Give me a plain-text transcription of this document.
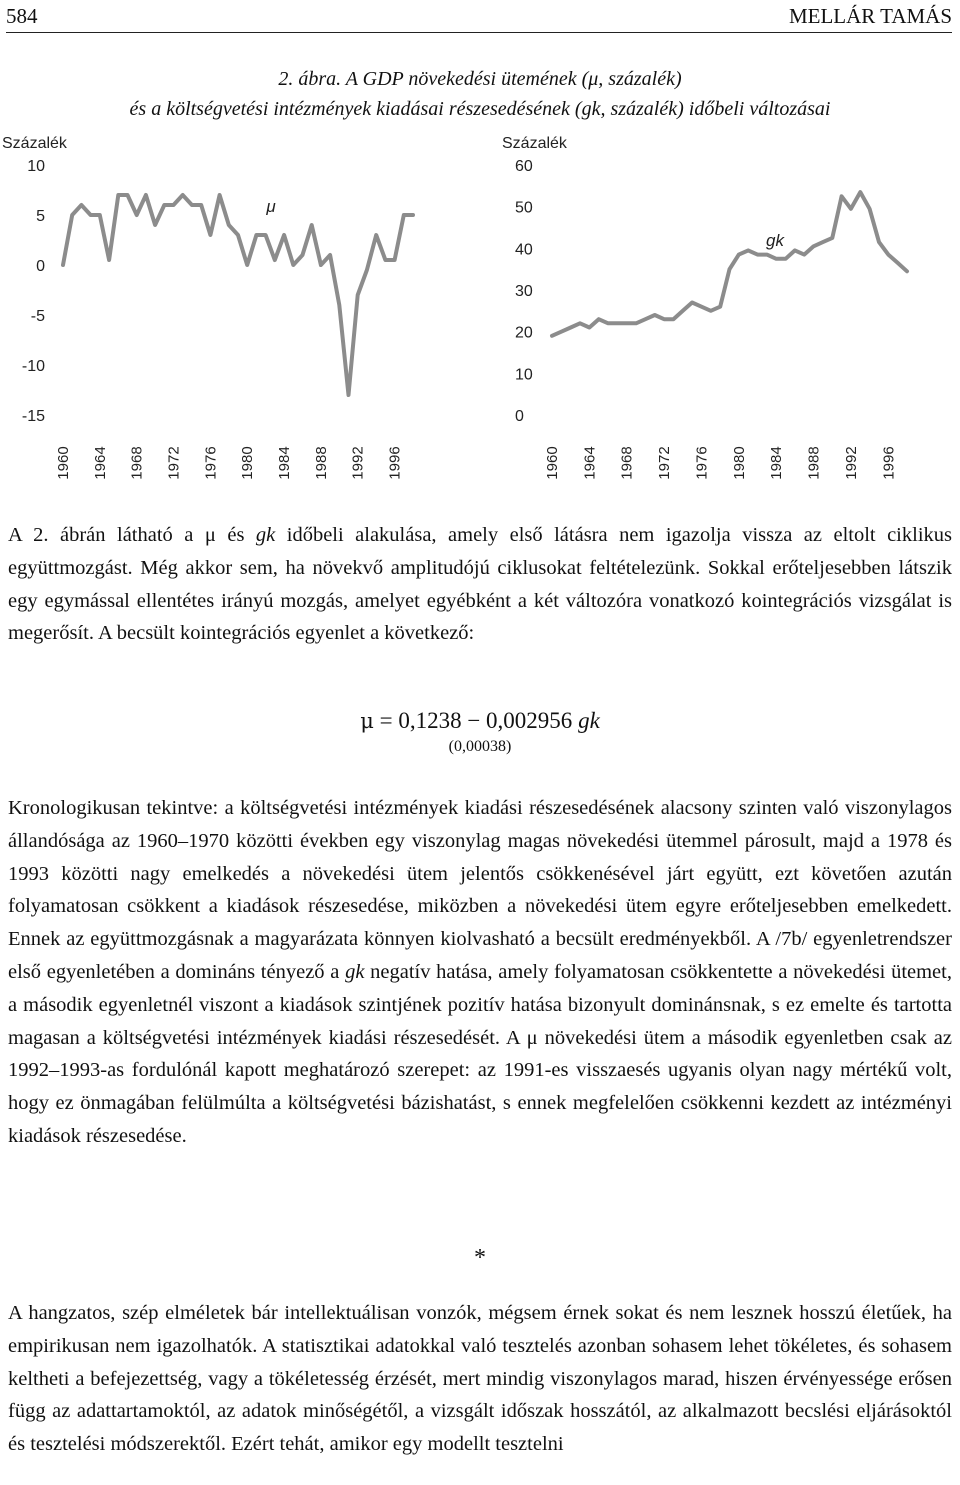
584	MELLÁR TAMÁS
2. ábra. A GDP növekedési ütemének (μ, százalék)
és a költségvetési intézmények kiadásai részesedésének (gk, százalék) időbeli változásai
Százalék
10
5
0
-5
-10
-15
1960 1964 1968 1972 1976 1980 1984 1988 1992 1996
μ
Százalék
60
50
40
30
20
10
0
1960 1964 1968 1972 1976 1980 1984 1988 1992 1996
gk

A 2. ábrán látható a μ és gk időbeli alakulása, amely első látásra nem igazolja vissza az eltolt ciklikus együttmozgást. Még akkor sem, ha növekvő amplitudójú ciklusokat feltételezünk. Sokkal erőteljesebben látszik egy egymással ellentétes irányú mozgás, amelyet egyébként a két változóra vonatkozó kointegrációs vizsgálat is megerősít. A becsült kointegrációs egyenlet a következő:

μ = 0,1238 − 0,002956 gk
(0,00038)

Kronologikusan tekintve: a költségvetési intézmények kiadási részesedésének alacsony szinten való viszonylagos állandósága az 1960–1970 közötti években egy viszonylag magas növekedési ütemmel párosult, majd a 1978 és 1993 közötti nagy emelkedés a növekedési ütem jelentős csökkenésével járt együtt, ezt követően azután folyamatosan csökkent a kiadások részesedése, miközben a növekedési ütem egyre erőteljesebben emelkedett. Ennek az együttmozgásnak a magyarázata könnyen kiolvasható a becsült eredményekből. A /7b/ egyenletrendszer első egyenletében a domináns tényező a gk negatív hatása, amely folyamatosan csökkentette a növekedési ütemet, a második egyenletnél viszont a kiadások szintjének pozitív hatása bizonyult dominánsnak, s ez emelte és tartotta magasan a költségvetési intézmények kiadási részesedését. A μ növekedési ütem a második egyenletben csak az 1992–1993-as fordulónál kapott meghatározó szerepet: az 1991-es visszaesés ugyanis olyan nagy mértékű volt, hogy ez önmagában felülmúlta a költségvetési bázishatást, s ennek megfelelően csökkenni kezdett az intézményi kiadások részesedése.

*

A hangzatos, szép elméletek bár intellektuálisan vonzók, mégsem érnek sokat és nem lesznek hosszú életűek, ha empirikusan nem igazolhatók. A statisztikai adatokkal való tesztelés azonban sohasem lehet tökéletes, és sohasem keltheti a befejezettség, vagy a tökéletesség érzését, mert mindig viszonylagos marad, hiszen érvényessége erősen függ az adattartamoktól, az adatok minőségétől, a vizsgált időszak hosszától, az alkalmazott becslési eljárásoktól és tesztelési módszerektől. Ezért tehát, amikor egy modellt tesztelni
